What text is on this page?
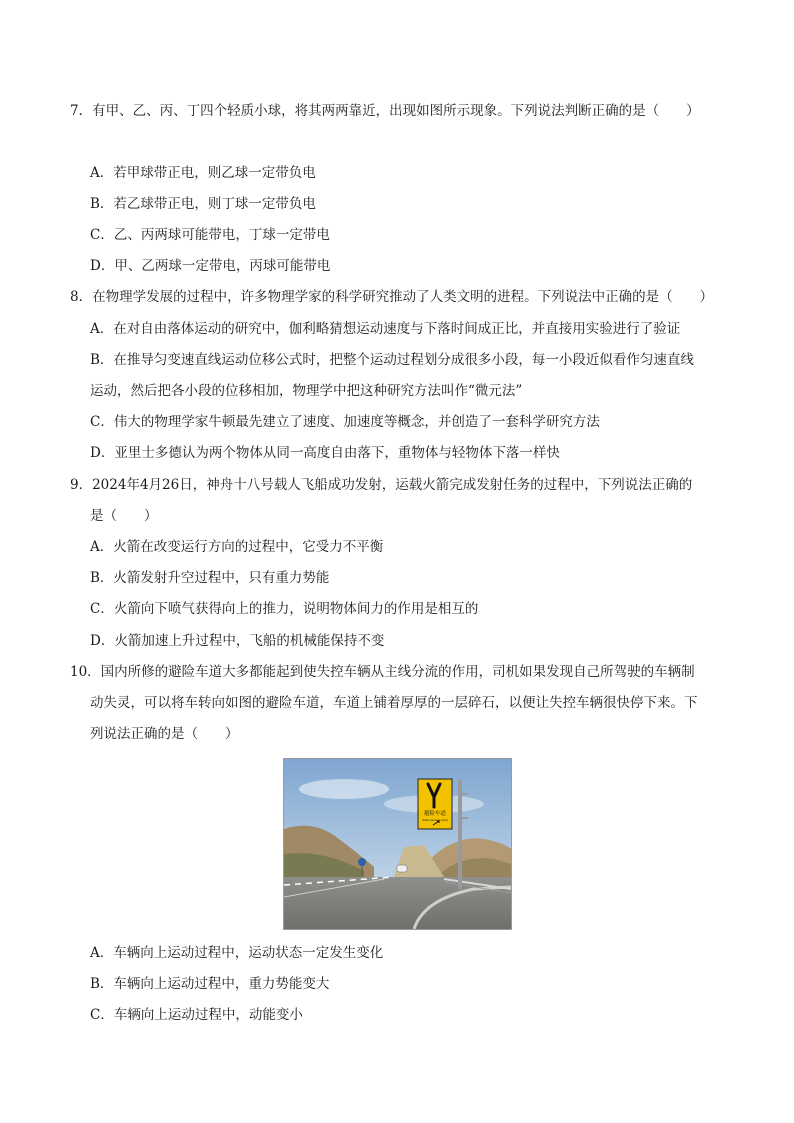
7．有甲、乙、丙、丁四个轻质小球，将其两两靠近，出现如图所示现象。下列说法判断正确的是（　　）
A．若甲球带正电，则乙球一定带负电
B．若乙球带正电，则丁球一定带负电
C．乙、丙两球可能带电，丁球一定带电
D．甲、乙两球一定带电，丙球可能带电
8．在物理学发展的过程中，许多物理学家的科学研究推动了人类文明的进程。下列说法中正确的是（　　）
A．在对自由落体运动的研究中，伽利略猜想运动速度与下落时间成正比，并直接用实验进行了验证
B．在推导匀变速直线运动位移公式时，把整个运动过程划分成很多小段，每一小段近似看作匀速直线
运动，然后把各小段的位移相加，物理学中把这种研究方法叫作“微元法”
C．伟大的物理学家牛顿最先建立了速度、加速度等概念，并创造了一套科学研究方法
D．亚里士多德认为两个物体从同一高度自由落下，重物体与轻物体下落一样快
9．2024年4月26日，神舟十八号载人飞船成功发射，运载火箭完成发射任务的过程中，下列说法正确的
是（　　）
A．火箭在改变运行方向的过程中，它受力不平衡
B．火箭发射升空过程中，只有重力势能
C．火箭向下喷气获得向上的推力，说明物体间力的作用是相互的
D．火箭加速上升过程中，飞船的机械能保持不变
10．国内所修的避险车道大多都能起到使失控车辆从主线分流的作用，司机如果发现自己所驾驶的车辆制
动失灵，可以将车转向如图的避险车道，车道上铺着厚厚的一层碎石，以便让失控车辆很快停下来。下
列说法正确的是（　　）
避险车道
Safe escape lane
A．车辆向上运动过程中，运动状态一定发生变化
B．车辆向上运动过程中，重力势能变大
C．车辆向上运动过程中，动能变小
